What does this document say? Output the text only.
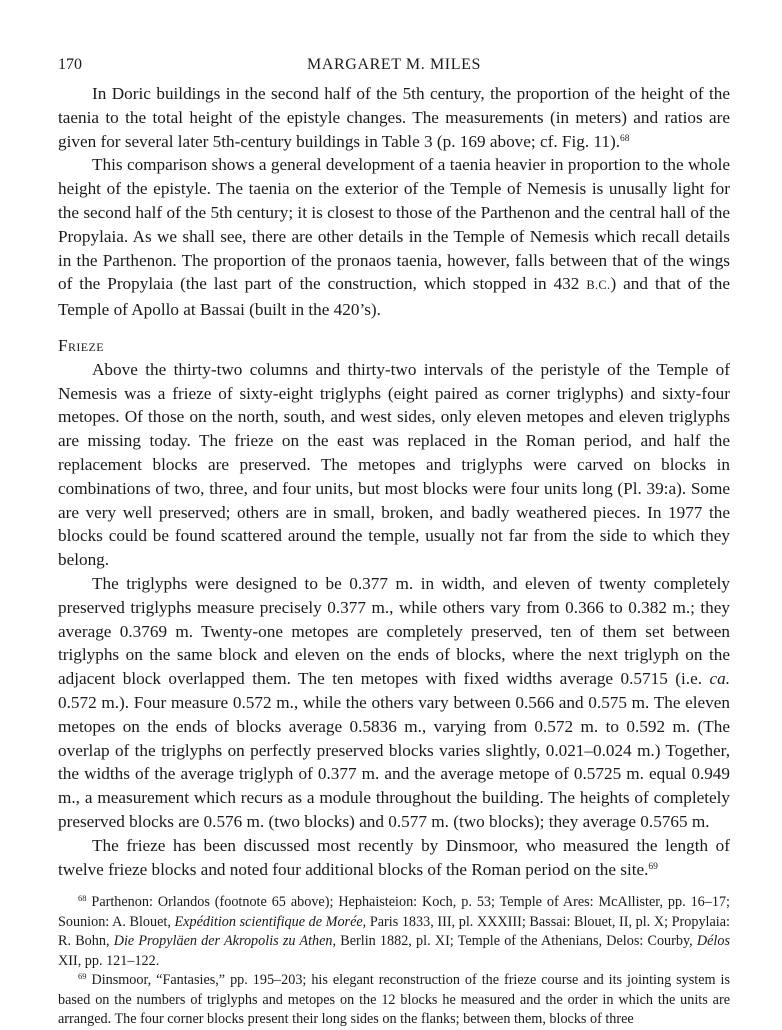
170	MARGARET M. MILES

In Doric buildings in the second half of the 5th century, the proportion of the height of the taenia to the total height of the epistyle changes. The measurements (in meters) and ratios are given for several later 5th-century buildings in Table 3 (p. 169 above; cf. Fig. 11).$^{68}$

This comparison shows a general development of a taenia heavier in proportion to the whole height of the epistyle. The taenia on the exterior of the Temple of Nemesis is unusally light for the second half of the 5th century; it is closest to those of the Parthenon and the central hall of the Propylaia. As we shall see, there are other details in the Temple of Nemesis which recall details in the Parthenon. The proportion of the pronaos taenia, however, falls between that of the wings of the Propylaia (the last part of the construction, which stopped in 432 B.C.) and that of the Temple of Apollo at Bassai (built in the 420’s).

Frieze

Above the thirty-two columns and thirty-two intervals of the peristyle of the Temple of Nemesis was a frieze of sixty-eight triglyphs (eight paired as corner triglyphs) and sixty-four metopes. Of those on the north, south, and west sides, only eleven metopes and eleven triglyphs are missing today. The frieze on the east was replaced in the Roman period, and half the replacement blocks are preserved. The metopes and triglyphs were carved on blocks in combinations of two, three, and four units, but most blocks were four units long (Pl. 39:a). Some are very well preserved; others are in small, broken, and badly weathered pieces. In 1977 the blocks could be found scattered around the temple, usually not far from the side to which they belong.

The triglyphs were designed to be 0.377 m. in width, and eleven of twenty completely preserved triglyphs measure precisely 0.377 m., while others vary from 0.366 to 0.382 m.; they average 0.3769 m. Twenty-one metopes are completely preserved, ten of them set between triglyphs on the same block and eleven on the ends of blocks, where the next triglyph on the adjacent block overlapped them. The ten metopes with fixed widths average 0.5715 (i.e. ca. 0.572 m.). Four measure 0.572 m., while the others vary between 0.566 and 0.575 m. The eleven metopes on the ends of blocks average 0.5836 m., varying from 0.572 m. to 0.592 m. (The overlap of the triglyphs on perfectly preserved blocks varies slightly, 0.021–0.024 m.) Together, the widths of the average triglyph of 0.377 m. and the average metope of 0.5725 m. equal 0.949 m., a measurement which recurs as a module throughout the building. The heights of completely preserved blocks are 0.576 m. (two blocks) and 0.577 m. (two blocks); they average 0.5765 m.

The frieze has been discussed most recently by Dinsmoor, who measured the length of twelve frieze blocks and noted four additional blocks of the Roman period on the site.$^{69}$

$^{68}$ Parthenon: Orlandos (footnote 65 above); Hephaisteion: Koch, p. 53; Temple of Ares: McAllister, pp. 16–17; Sounion: A. Blouet, Expédition scientifique de Morée, Paris 1833, III, pl. XXXIII; Bassai: Blouet, II, pl. X; Propylaia: R. Bohn, Die Propyläen der Akropolis zu Athen, Berlin 1882, pl. XI; Temple of the Athenians, Delos: Courby, Délos XII, pp. 121–122.

$^{69}$ Dinsmoor, “Fantasies,” pp. 195–203; his elegant reconstruction of the frieze course and its jointing system is based on the numbers of triglyphs and metopes on the 12 blocks he measured and the order in which the units are arranged. The four corner blocks present their long sides on the flanks; between them, blocks of three
